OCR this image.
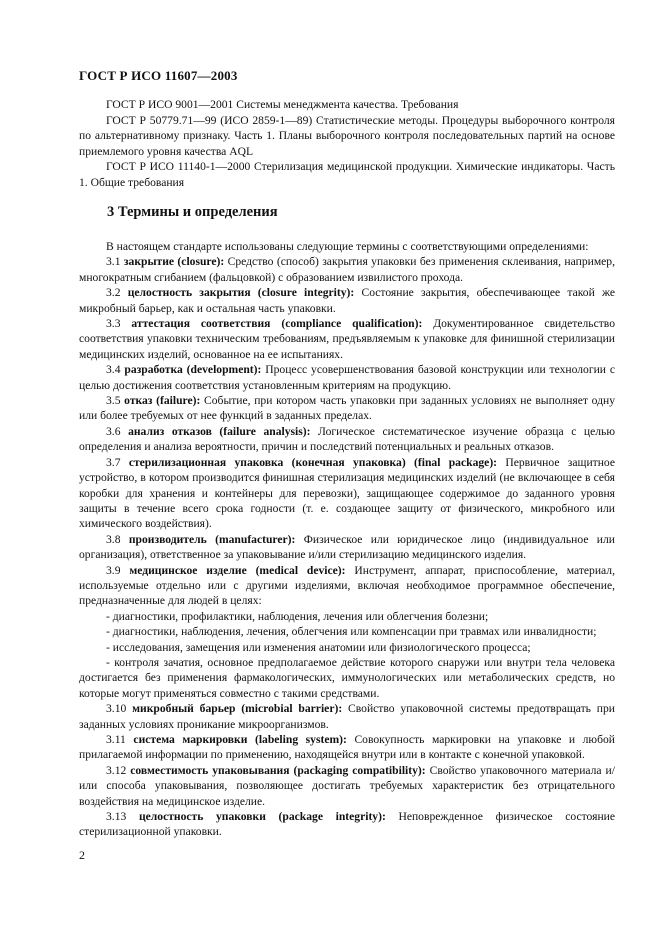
ГОСТ Р ИСО 11607—2003

ГОСТ Р ИСО 9001—2001 Системы менеджмента качества. Требования

ГОСТ Р 50779.71—99 (ИСО 2859-1—89) Статистические методы. Процедуры выборочного контроля по альтернативному признаку. Часть 1. Планы выборочного контроля последовательных партий на основе приемлемого уровня качества AQL

ГОСТ Р ИСО 11140-1—2000 Стерилизация медицинской продукции. Химические индикаторы. Часть 1. Общие требования

3 Термины и определения

В настоящем стандарте использованы следующие термины с соответствующими определениями:

3.1 закрытие (closure): Средство (способ) закрытия упаковки без применения склеивания, например, многократным сгибанием (фальцовкой) с образованием извилистого прохода.

3.2 целостность закрытия (closure integrity): Состояние закрытия, обеспечивающее такой же микробный барьер, как и остальная часть упаковки.

3.3 аттестация соответствия (compliance qualification): Документированное свидетельство соответствия упаковки техническим требованиям, предъявляемым к упаковке для финишной стерилизации медицинских изделий, основанное на ее испытаниях.

3.4 разработка (development): Процесс усовершенствования базовой конструкции или технологии с целью достижения соответствия установленным критериям на продукцию.

3.5 отказ (failure): Событие, при котором часть упаковки при заданных условиях не выполняет одну или более требуемых от нее функций в заданных пределах.

3.6 анализ отказов (failure analysis): Логическое систематическое изучение образца с целью определения и анализа вероятности, причин и последствий потенциальных и реальных отказов.

3.7 стерилизационная упаковка (конечная упаковка) (final package): Первичное защитное устройство, в котором производится финишная стерилизация медицинских изделий (не включающее в себя коробки для хранения и контейнеры для перевозки), защищающее содержимое до заданного уровня защиты в течение всего срока годности (т. е. создающее защиту от физического, микробного или химического воздействия).

3.8 производитель (manufacturer): Физическое или юридическое лицо (индивидуальное или организация), ответственное за упаковывание и/или стерилизацию медицинского изделия.

3.9 медицинское изделие (medical device): Инструмент, аппарат, приспособление, материал, используемые отдельно или с другими изделиями, включая необходимое программное обеспечение, предназначенные для людей в целях:

- диагностики, профилактики, наблюдения, лечения или облегчения болезни;

- диагностики, наблюдения, лечения, облегчения или компенсации при травмах или инвалидности;

- исследования, замещения или изменения анатомии или физиологического процесса;

- контроля зачатия, основное предполагаемое действие которого снаружи или внутри тела человека достигается без применения фармакологических, иммунологических или метаболических средств, но которые могут применяться совместно с такими средствами.

3.10 микробный барьер (microbial barrier): Свойство упаковочной системы предотвращать при заданных условиях проникание микроорганизмов.

3.11 система маркировки (labeling system): Совокупность маркировки на упаковке и любой прилагаемой информации по применению, находящейся внутри или в контакте с конечной упаковкой.

3.12 совместимость упаковывания (packaging compatibility): Свойство упаковочного материала и/или способа упаковывания, позволяющее достигать требуемых характеристик без отрицательного воздействия на медицинское изделие.

3.13 целостность упаковки (package integrity): Неповрежденное физическое состояние стерилизационной упаковки.

2
